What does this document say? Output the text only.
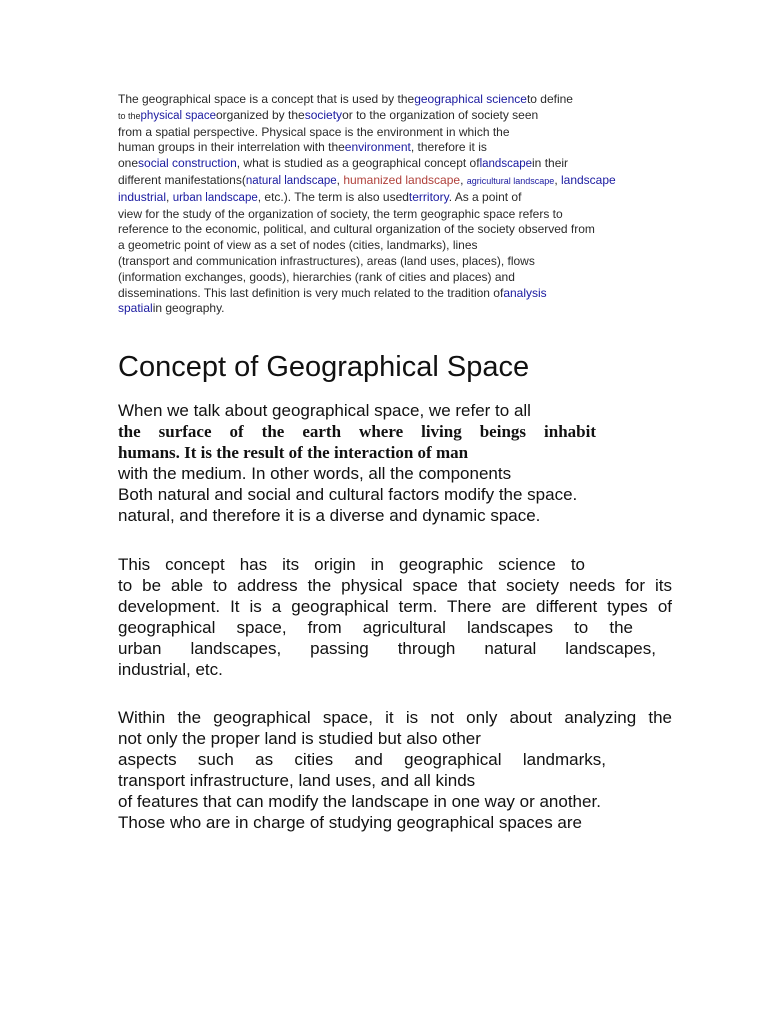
The geographical space is a concept that is used by thegeographical scienceto define

to thephysical spaceorganized by thesocietyor to the organization of society seen

from a spatial perspective. Physical space is the environment in which the

human groups in their interrelation with theenvironment, therefore it is

onesocial construction, what is studied as a geographical concept oflandscapein their

different manifestations(natural landscape, humanized landscape, agricultural landscape, landscape

industrial, urban landscape, etc.). The term is also usedterritory. As a point of

view for the study of the organization of society, the term geographic space refers to

reference to the economic, political, and cultural organization of the society observed from

a geometric point of view as a set of nodes (cities, landmarks), lines

(transport and communication infrastructures), areas (land uses, places), flows

(information exchanges, goods), hierarchies (rank of cities and places) and

disseminations. This last definition is very much related to the tradition ofanalysis

spatialin geography.

Concept of Geographical Space

When we talk about geographical space, we refer to all

the surface of the earth where living beings inhabit

humans. It is the result of the interaction of man

with the medium. In other words, all the components

Both natural and social and cultural factors modify the space.

natural, and therefore it is a diverse and dynamic space.

This concept has its origin in geographic science to

to be able to address the physical space that society needs for its

development. It is a geographical term. There are different types of

geographical space, from agricultural landscapes to the

urban landscapes, passing through natural landscapes,

industrial, etc.

Within the geographical space, it is not only about analyzing the

not only the proper land is studied but also other

aspects such as cities and geographical landmarks,

transport infrastructure, land uses, and all kinds

of features that can modify the landscape in one way or another.

Those who are in charge of studying geographical spaces are
